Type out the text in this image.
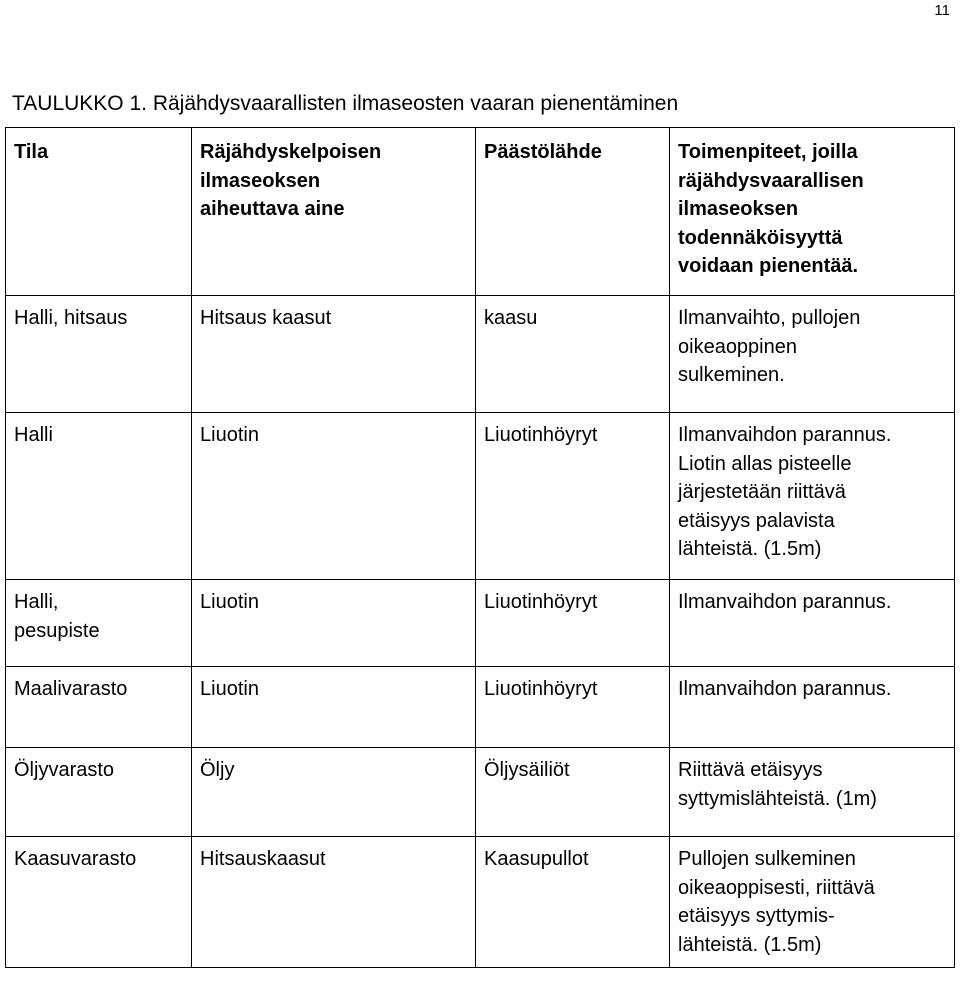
11
TAULUKKO 1. Räjähdysvaarallisten ilmaseosten vaaran pienentäminen
Tila	Räjähdyskelpoisen
ilmaseoksen
aiheuttava aine	Päästölähde	Toimenpiteet, joilla
räjähdysvaarallisen
ilmaseoksen
todennäköisyyttä
voidaan pienentää.

Halli, hitsaus	Hitsaus kaasut	kaasu	Ilmanvaihto, pullojen
oikeaoppinen
sulkeminen.

Halli	Liuotin	Liuotinhöyryt	Ilmanvaihdon parannus.
Liotin allas pisteelle
järjestetään riittävä
etäisyys palavista
lähteistä. (1.5m)

Halli,
pesupiste	Liuotin	Liuotinhöyryt	Ilmanvaihdon parannus.

Maalivarasto	Liuotin	Liuotinhöyryt	Ilmanvaihdon parannus.

Öljyvarasto	Öljy	Öljysäiliöt	Riittävä etäisyys
syttymislähteistä. (1m)

Kaasuvarasto	Hitsauskaasut	Kaasupullot	Pullojen sulkeminen
oikeaoppisesti, riittävä
etäisyys syttymis-
lähteistä. (1.5m)
